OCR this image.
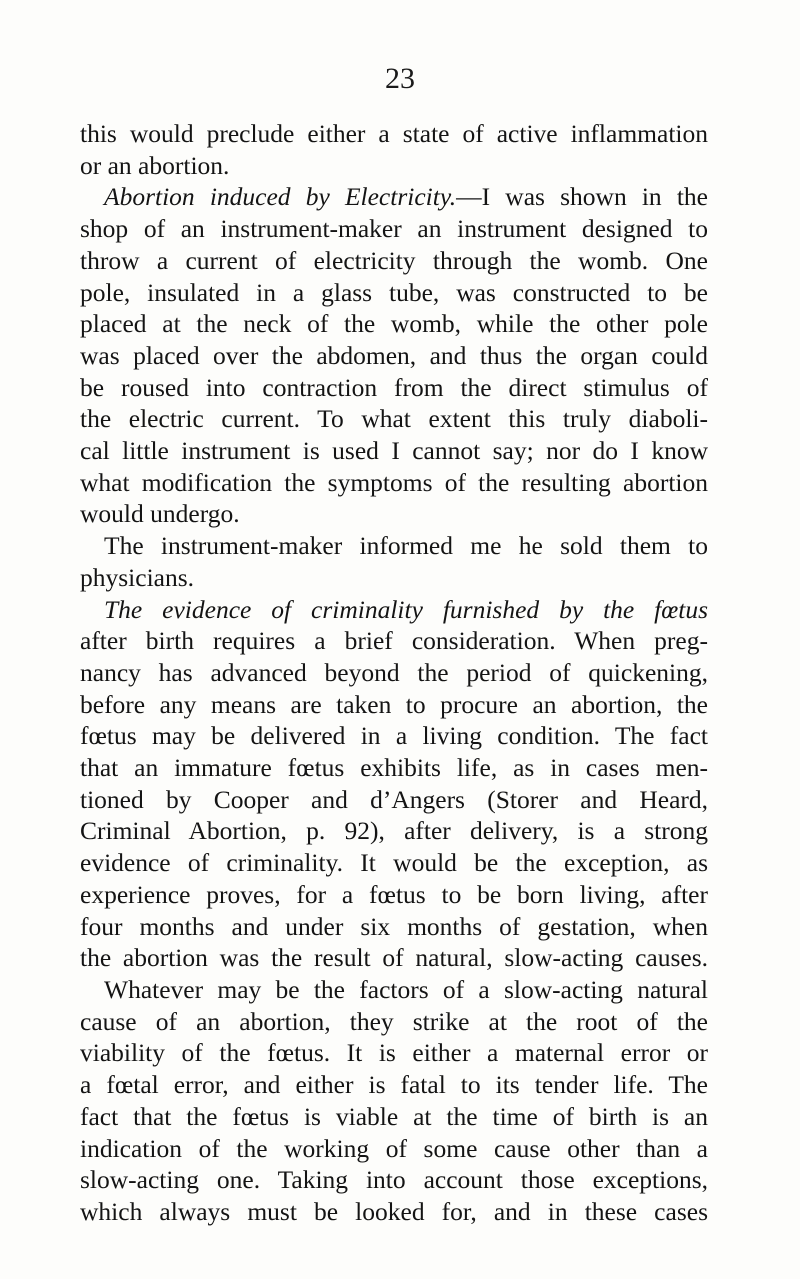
23
this would preclude either a state of active inflammation
or an abortion.
Abortion induced by Electricity.—I was shown in the
shop of an instrument-maker an instrument designed to
throw a current of electricity through the womb. One
pole, insulated in a glass tube, was constructed to be
placed at the neck of the womb, while the other pole
was placed over the abdomen, and thus the organ could
be roused into contraction from the direct stimulus of
the electric current. To what extent this truly diaboli-
cal little instrument is used I cannot say; nor do I know
what modification the symptoms of the resulting abortion
would undergo.
The instrument-maker informed me he sold them to
physicians.
The evidence of criminality furnished by the fœtus
after birth requires a brief consideration. When preg-
nancy has advanced beyond the period of quickening,
before any means are taken to procure an abortion, the
fœtus may be delivered in a living condition. The fact
that an immature fœtus exhibits life, as in cases men-
tioned by Cooper and d’Angers (Storer and Heard,
Criminal Abortion, p. 92), after delivery, is a strong
evidence of criminality. It would be the exception, as
experience proves, for a fœtus to be born living, after
four months and under six months of gestation, when
the abortion was the result of natural, slow-acting causes.
Whatever may be the factors of a slow-acting natural
cause of an abortion, they strike at the root of the
viability of the fœtus. It is either a maternal error or
a fœtal error, and either is fatal to its tender life. The
fact that the fœtus is viable at the time of birth is an
indication of the working of some cause other than a
slow-acting one. Taking into account those exceptions,
which always must be looked for, and in these cases
